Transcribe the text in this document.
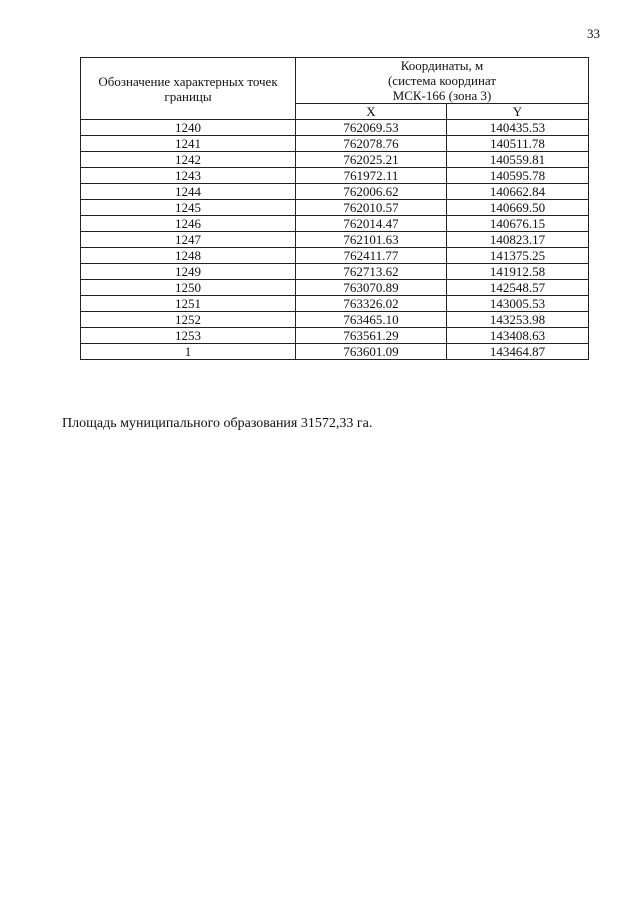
33
Обозначение характерных точек границы	Координаты, м
(система координат
МСК-166 (зона 3)	

	X	Y
1240	762069.53	140435.53
1241	762078.76	140511.78
1242	762025.21	140559.81
1243	761972.11	140595.78
1244	762006.62	140662.84
1245	762010.57	140669.50
1246	762014.47	140676.15
1247	762101.63	140823.17
1248	762411.77	141375.25
1249	762713.62	141912.58
1250	763070.89	142548.57
1251	763326.02	143005.53
1252	763465.10	143253.98
1253	763561.29	143408.63
1	763601.09	143464.87
Площадь муниципального образования 31572,33 га.
